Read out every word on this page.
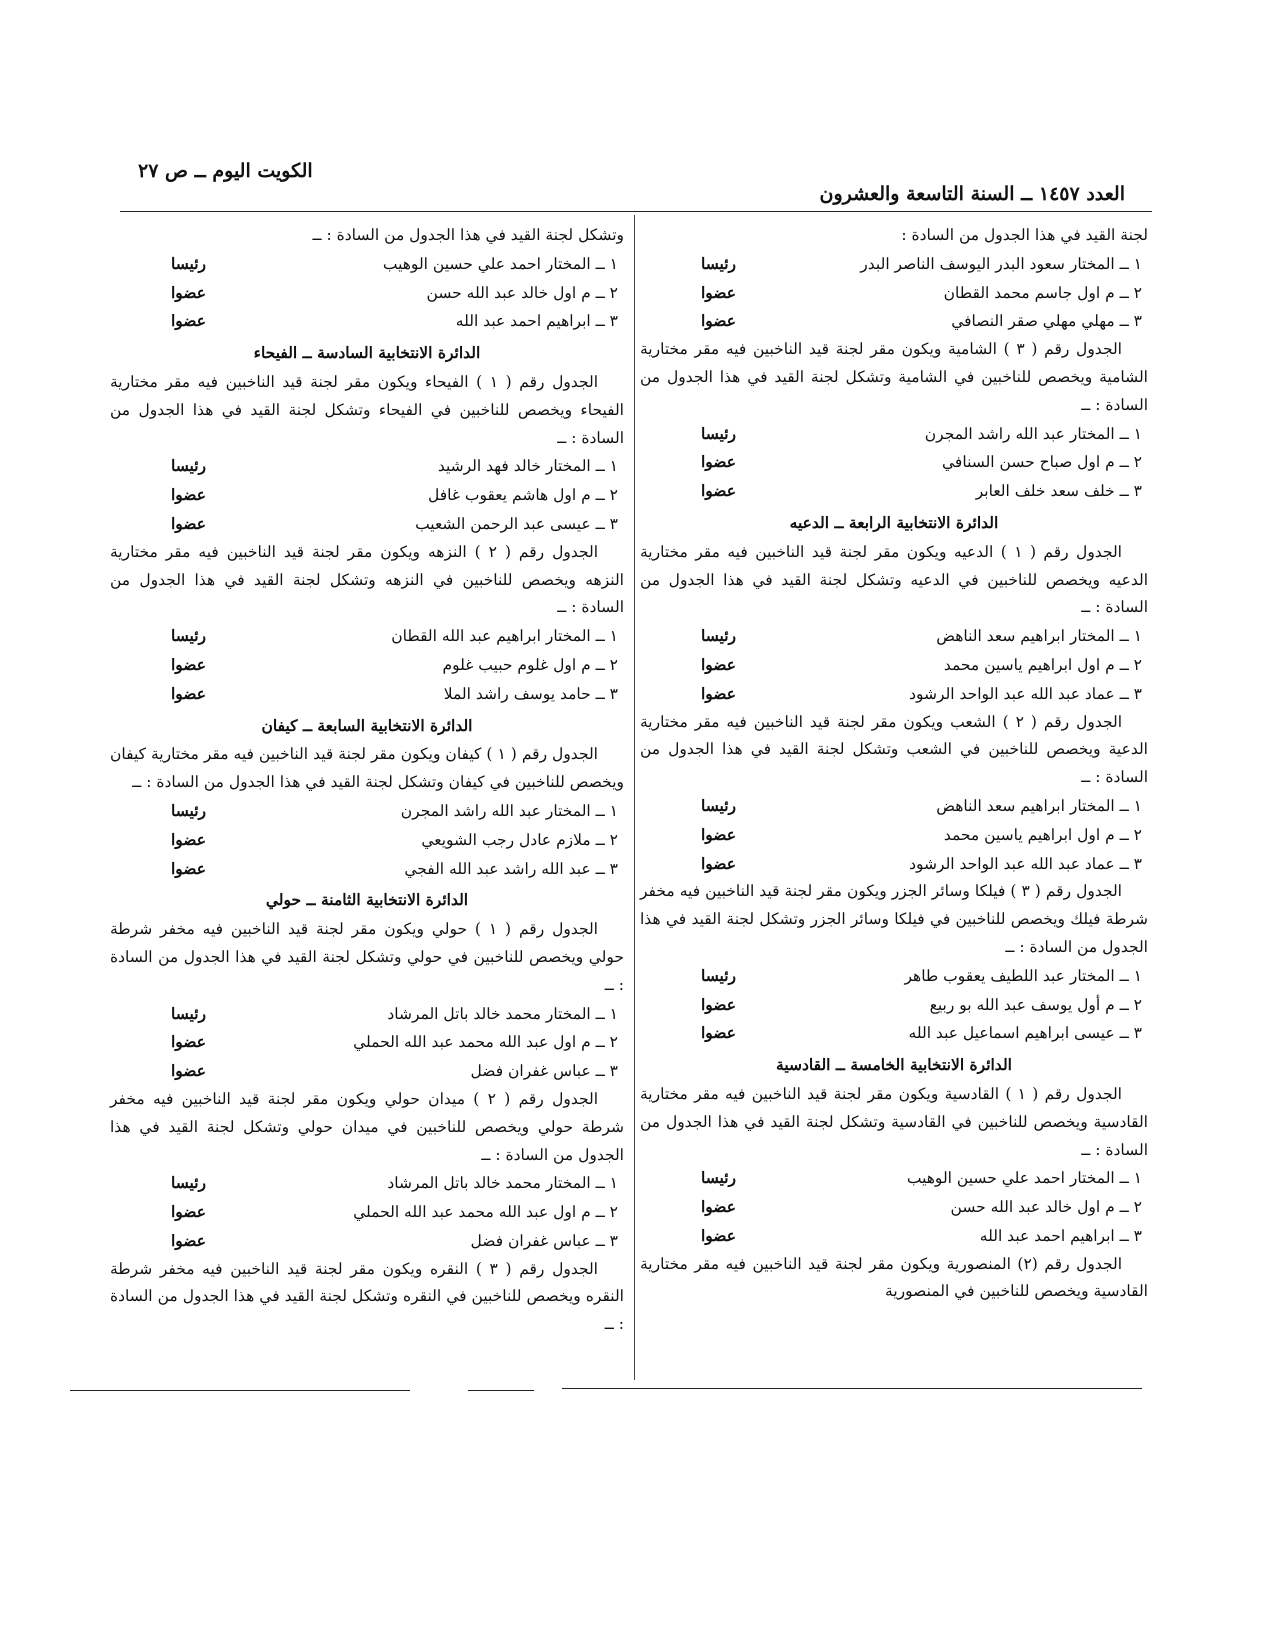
العدد ١٤٥٧ ــ السنة التاسعة والعشرون
الكويت اليوم ــ ص ٢٧

لجنة القيد في هذا الجدول من السادة :

١ ــ المختار سعود البدر اليوسف الناصر البدر
رئيسا
٢ ــ م اول جاسم محمد القطان
عضوا
٣ ــ مهلي مهلي صقر النصافي
عضوا

الجدول رقم ( ٣ ) الشامية ويكون مقر لجنة قيد الناخبين فيه مقر مختارية الشامية ويخصص للناخبين في الشامية وتشكل لجنة القيد في هذا الجدول من السادة : ــ

١ ــ المختار عبد الله راشد المجرن
رئيسا
٢ ــ م اول صباح حسن السنافي
عضوا
٣ ــ خلف سعد خلف العابر
عضوا
الدائرة الانتخابية الرابعة ــ الدعيه

الجدول رقم ( ١ ) الدعيه ويكون مقر لجنة قيد الناخبين فيه مقر مختارية الدعيه ويخصص للناخبين في الدعيه وتشكل لجنة القيد في هذا الجدول من السادة : ــ

١ ــ المختار ابراهيم سعد الناهض
رئيسا
٢ ــ م اول ابراهيم ياسين محمد
عضوا
٣ ــ عماد عبد الله عبد الواحد الرشود
عضوا

الجدول رقم ( ٢ ) الشعب ويكون مقر لجنة قيد الناخبين فيه مقر مختارية الدعية ويخصص للناخبين في الشعب وتشكل لجنة القيد في هذا الجدول من السادة : ــ

١ ــ المختار ابراهيم سعد الناهض
رئيسا
٢ ــ م اول ابراهيم ياسين محمد
عضوا
٣ ــ عماد عبد الله عبد الواحد الرشود
عضوا

الجدول رقم ( ٣ ) فيلكا وسائر الجزر ويكون مقر لجنة قيد الناخبين فيه مخفر شرطة فيلك ويخصص للناخبين في فيلكا وسائر الجزر وتشكل لجنة القيد في هذا الجدول من السادة : ــ

١ ــ المختار عبد اللطيف يعقوب طاهر
رئيسا
٢ ــ م أول يوسف عبد الله بو ربيع
عضوا
٣ ــ عيسى ابراهيم اسماعيل عبد الله
عضوا
الدائرة الانتخابية الخامسة ــ القادسية

الجدول رقم ( ١ ) القادسية ويكون مقر لجنة قيد الناخبين فيه مقر مختارية القادسية ويخصص للناخبين في القادسية وتشكل لجنة القيد في هذا الجدول من السادة : ــ

١ ــ المختار احمد علي حسين الوهيب
رئيسا
٢ ــ م اول خالد عبد الله حسن
عضوا
٣ ــ ابراهيم احمد عبد الله
عضوا

الجدول رقم (٢) المنصورية ويكون مقر لجنة قيد الناخبين فيه مقر مختارية القادسية ويخصص للناخبين في المنصورية

وتشكل لجنة القيد في هذا الجدول من السادة : ــ

١ ــ المختار احمد علي حسين الوهيب
رئيسا
٢ ــ م اول خالد عبد الله حسن
عضوا
٣ ــ ابراهيم احمد عبد الله
عضوا
الدائرة الانتخابية السادسة ــ الفيحاء

الجدول رقم ( ١ ) الفيحاء ويكون مقر لجنة قيد الناخبين فيه مقر مختارية الفيحاء ويخصص للناخبين في الفيحاء وتشكل لجنة القيد في هذا الجدول من السادة : ــ

١ ــ المختار خالد فهد الرشيد
رئيسا
٢ ــ م اول هاشم يعقوب غافل
عضوا
٣ ــ عيسى عبد الرحمن الشعيب
عضوا

الجدول رقم ( ٢ ) النزهه ويكون مقر لجنة قيد الناخبين فيه مقر مختارية النزهه ويخصص للناخبين في النزهه وتشكل لجنة القيد في هذا الجدول من السادة : ــ

١ ــ المختار ابراهيم عبد الله القطان
رئيسا
٢ ــ م اول غلوم حبيب غلوم
عضوا
٣ ــ حامد يوسف راشد الملا
عضوا
الدائرة الانتخابية السابعة ــ كيفان

الجدول رقم ( ١ ) كيفان ويكون مقر لجنة قيد الناخبين فيه مقر مختارية كيفان ويخصص للناخبين في كيفان وتشكل لجنة القيد في هذا الجدول من السادة : ــ

١ ــ المختار عبد الله راشد المجرن
رئيسا
٢ ــ ملازم عادل رجب الشويعي
عضوا
٣ ــ عبد الله راشد عبد الله الفجي
عضوا
الدائرة الانتخابية الثامنة ــ حولي

الجدول رقم ( ١ ) حولي ويكون مقر لجنة قيد الناخبين فيه مخفر شرطة حولي ويخصص للناخبين في حولي وتشكل لجنة القيد في هذا الجدول من السادة : ــ

١ ــ المختار محمد خالد باتل المرشاد
رئيسا
٢ ــ م اول عبد الله محمد عبد الله الحملي
عضوا
٣ ــ عباس غفران فضل
عضوا

الجدول رقم ( ٢ ) ميدان حولي ويكون مقر لجنة قيد الناخبين فيه مخفر شرطة حولي ويخصص للناخبين في ميدان حولي وتشكل لجنة القيد في هذا الجدول من السادة : ــ

١ ــ المختار محمد خالد باتل المرشاد
رئيسا
٢ ــ م اول عبد الله محمد عبد الله الحملي
عضوا
٣ ــ عباس غفران فضل
عضوا

الجدول رقم ( ٣ ) النقره ويكون مقر لجنة قيد الناخبين فيه مخفر شرطة النقره ويخصص للناخبين في النقره وتشكل لجنة القيد في هذا الجدول من السادة : ــ
